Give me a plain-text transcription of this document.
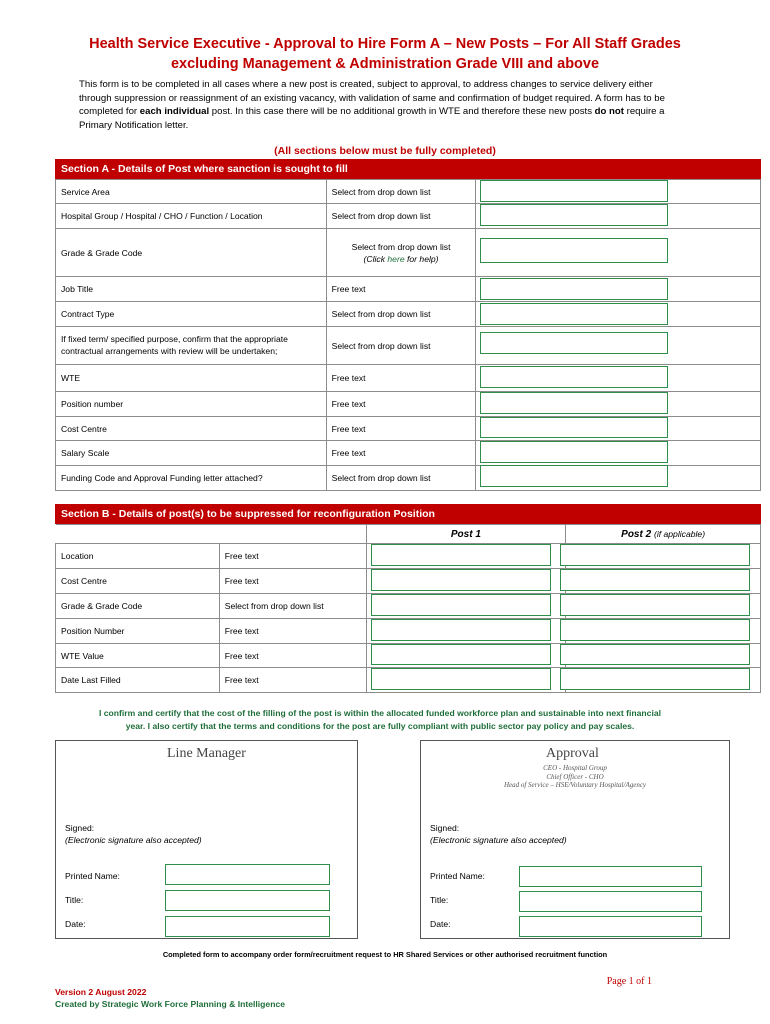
Health Service Executive - Approval to Hire Form A – New Posts – For All Staff Grades
excluding Management & Administration Grade VIII and above
This form is to be completed in all cases where a new post is created, subject to approval, to address changes to service delivery either through suppression or reassignment of an existing vacancy, with validation of same and confirmation of budget required. A form has to be completed for each individual post. In this case there will be no additional growth in WTE and therefore these new posts do not require a Primary Notification letter.
(All sections below must be fully completed)
Section A - Details of Post where sanction is sought to fill
Service Area	Select from drop down list	
Hospital Group / Hospital / CHO / Function / Location	Select from drop down list	
Grade & Grade Code	Select from drop down list
(Click here for help)	

Job Title	Free text	
Contract Type	Select from drop down list	
If fixed term/ specified purpose, confirm that the appropriate contractual arrangements with review will be undertaken;	Select from drop down list	
WTE	Free text	
Position number	Free text	
Cost Centre	Free text	
Salary Scale	Free text	
Funding Code and Approval Funding letter attached?	Select from drop down list	
Section B - Details of post(s) to be suppressed for reconfiguration Position
		Post 1	Post 2 (if applicable)
Location	Free text		
Cost Centre	Free text		
Grade & Grade Code	Select from drop down list		
Position Number	Free text		
WTE Value	Free text		
Date Last Filled	Free text		
I confirm and certify that the cost of the filling of the post is within the allocated funded workforce plan and sustainable into next financial
year. I also certify that the terms and conditions for the post are fully compliant with public sector pay policy and pay scales.
Line Manager
Signed:
(Electronic signature also accepted)
Printed Name:
Title:
Date:
Approval
CEO - Hospital Group
Chief Officer - CHO
Head of Service – HSE/Voluntary Hospital/Agency
Signed:
(Electronic signature also accepted)
Printed Name:
Title:
Date:
Completed form to accompany order form/recruitment request to HR Shared Services or other authorised recruitment function
Page 1 of 1
Version 2 August 2022
Created by Strategic Work Force Planning & Intelligence
